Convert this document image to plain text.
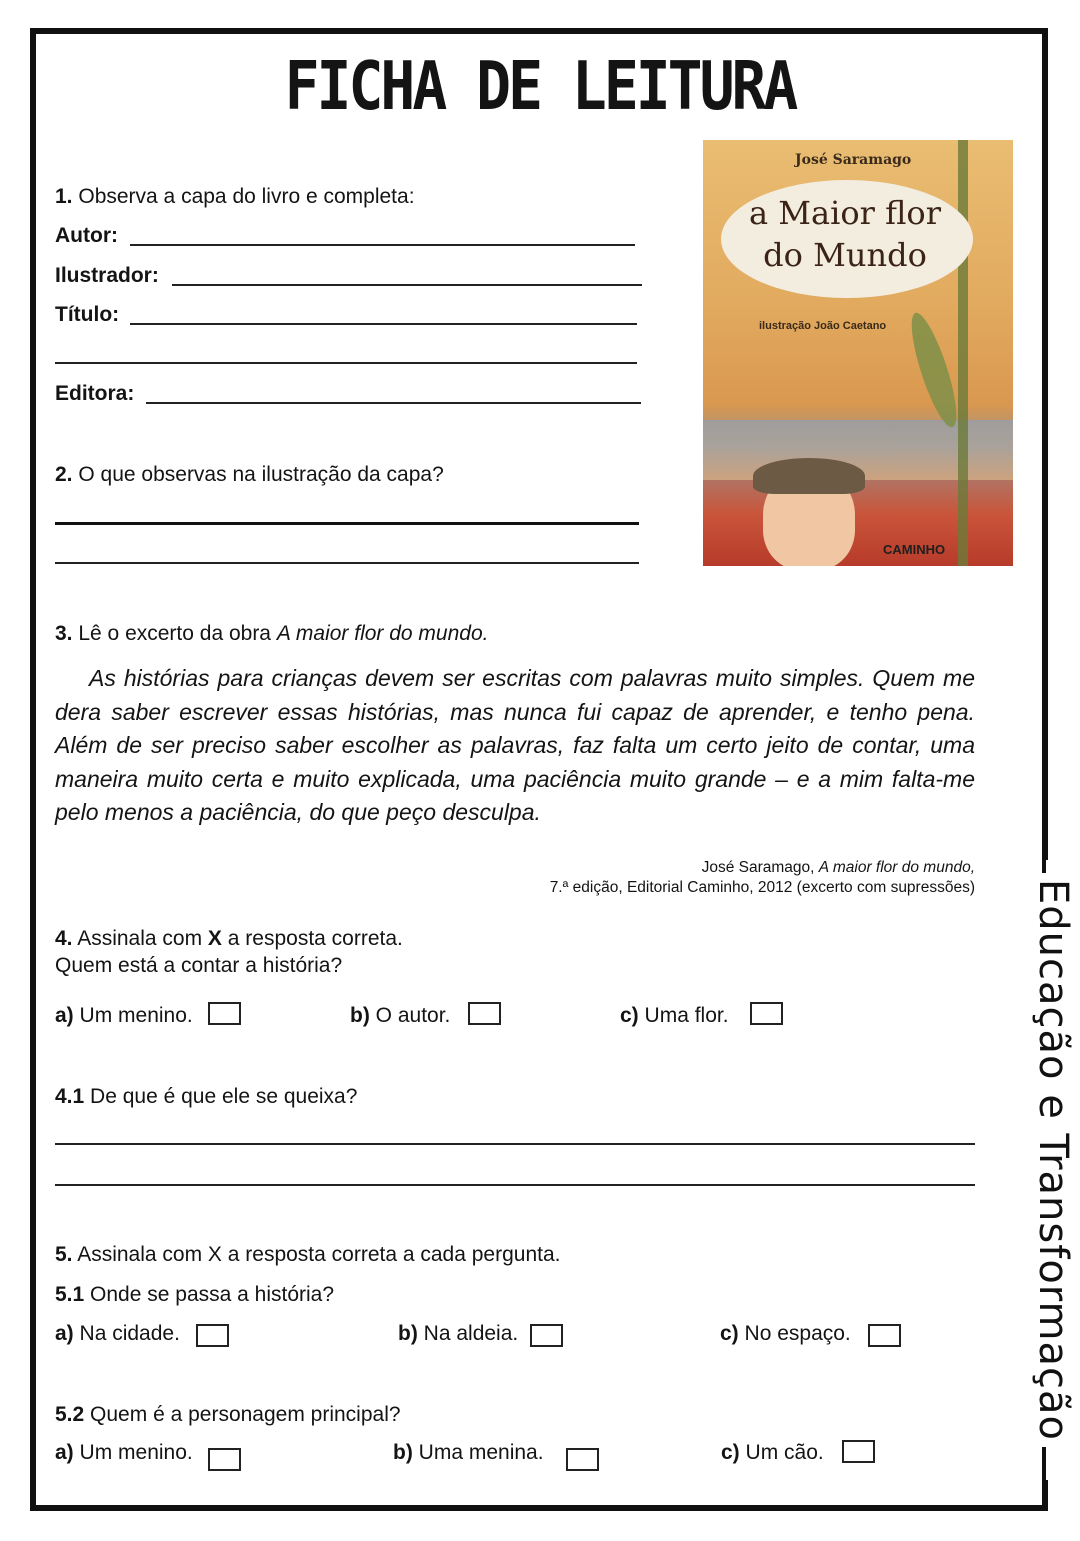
Educação e Transformação
FICHA DE LEITURA
1. Observa a capa do livro e completa:
Autor:
Ilustrador:
Título:
Editora:
2. O que observas na ilustração da capa?
José Saramago
a Maior flor
do Mundo
ilustração João Caetano
CAMINHO
3. Lê o excerto da obra A maior flor do mundo.
As histórias para crianças devem ser escritas com palavras muito simples. Quem me dera saber escrever essas histórias, mas nunca fui capaz de aprender, e tenho pena. Além de ser preciso saber escolher as palavras, faz falta um certo jeito de contar, uma maneira muito certa e muito explicada, uma paciência muito grande – e a mim falta-me pelo menos a paciência, do que peço desculpa.
José Saramago, A maior flor do mundo,
7.ª edição, Editorial Caminho, 2012 (excerto com supressões)
4. Assinala com X a resposta correta.
Quem está a contar a história?
a) Um menino.	b) O autor.	c) Uma flor.
4.1 De que é que ele se queixa?
5. Assinala com X a resposta correta a cada pergunta.
5.1 Onde se passa a história?
a) Na cidade.	b) Na aldeia.	c) No espaço.
5.2 Quem é a personagem principal?
a) Um menino.	b) Uma menina.	c) Um cão.
